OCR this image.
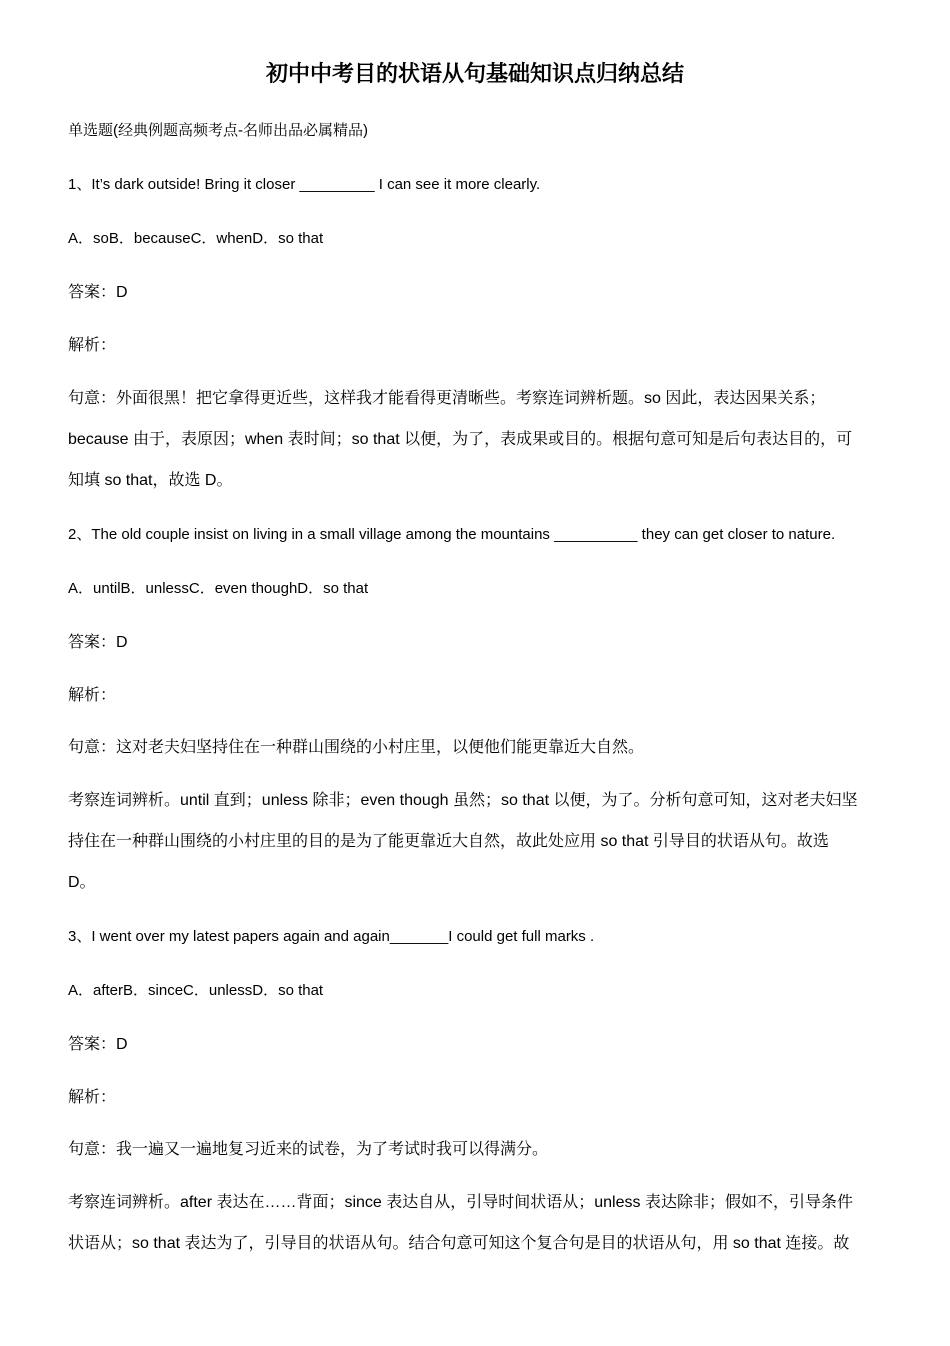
初中中考目的状语从句基础知识点归纳总结
单选题(经典例题高频考点-名师出品必属精品)
1、It’s dark outside! Bring it closer _________ I can see it more clearly.
A．soB．becauseC．whenD．so that
答案：D
解析：
句意：外面很黑！把它拿得更近些，这样我才能看得更清晰些。考察连词辨析题。so 因此，表达因果关系；
because 由于，表原因；when 表时间；so that 以便，为了，表成果或目的。根据句意可知是后句表达目的，可
知填 so that，故选 D。
2、The old couple insist on living in a small village among the mountains __________ they can get closer to nature.
A．untilB．unlessC．even thoughD．so that
答案：D
解析：
句意：这对老夫妇坚持住在一种群山围绕的小村庄里，以便他们能更靠近大自然。
考察连词辨析。until 直到；unless 除非；even though 虽然；so that 以便，为了。分析句意可知，这对老夫妇坚
持住在一种群山围绕的小村庄里的目的是为了能更靠近大自然，故此处应用 so that 引导目的状语从句。故选
D。
3、I went over my latest papers again and again_______I could get full marks .
A．afterB．sinceC．unlessD．so that
答案：D
解析：
句意：我一遍又一遍地复习近来的试卷，为了考试时我可以得满分。
考察连词辨析。after 表达在……背面；since 表达自从，引导时间状语从；unless 表达除非；假如不，引导条件
状语从；so that 表达为了，引导目的状语从句。结合句意可知这个复合句是目的状语从句，用 so that 连接。故
